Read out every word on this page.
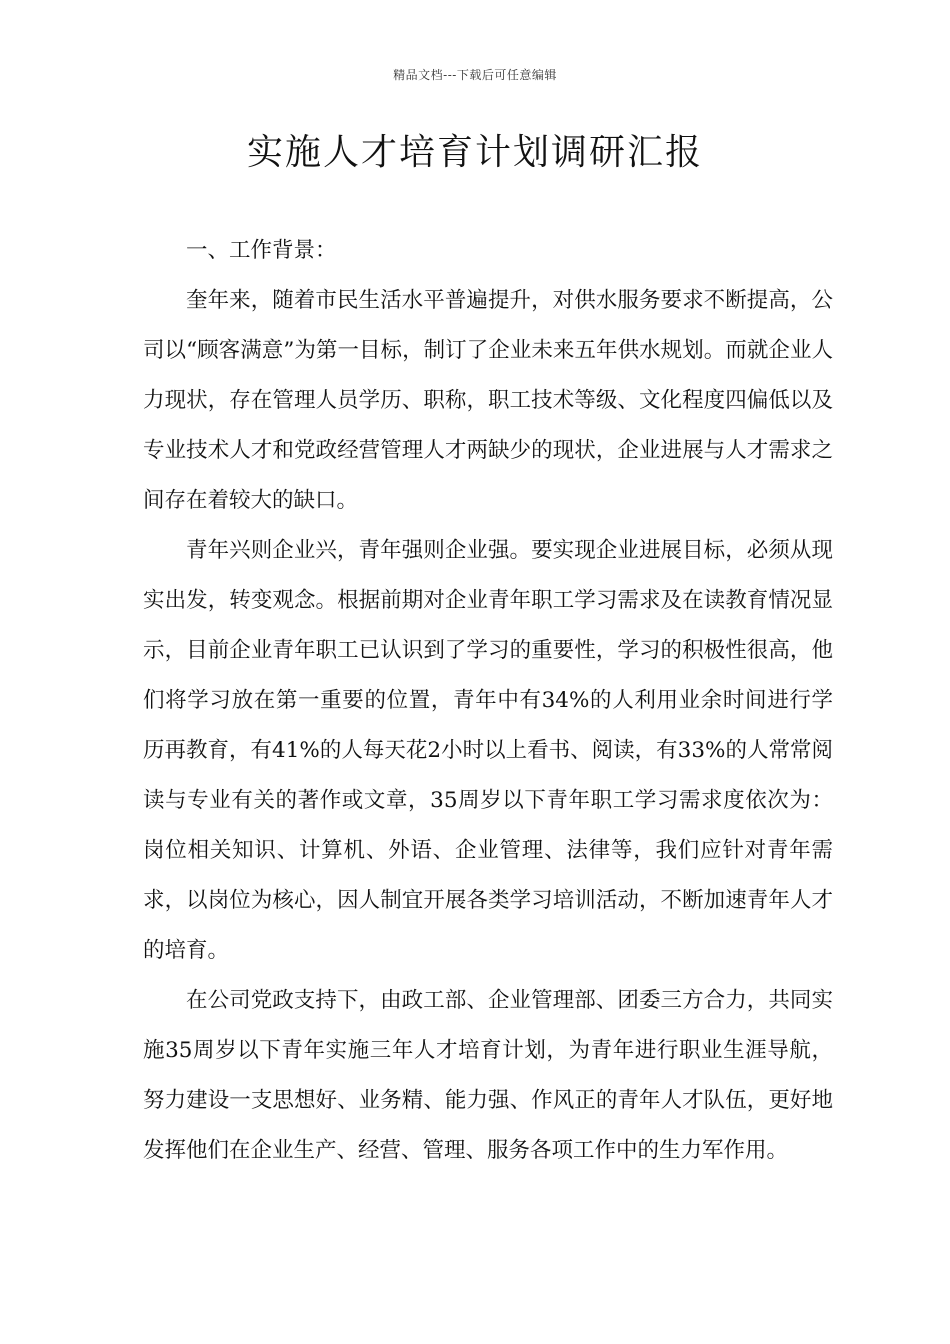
精品文档---下载后可任意编辑
实施人才培育计划调研汇报

一、工作背景：

奎年来，随着市民生活水平普遍提升，对供水服务要求不断提高，公司以“顾客满意”为第一目标，制订了企业未来五年供水规划。而就企业人力现状，存在管理人员学历、职称，职工技术等级、文化程度四偏低以及专业技术人才和党政经营管理人才两缺少的现状，企业进展与人才需求之间存在着较大的缺口。

青年兴则企业兴，青年强则企业强。要实现企业进展目标，必须从现实出发，转变观念。根据前期对企业青年职工学习需求及在读教育情况显示，目前企业青年职工已认识到了学习的重要性，学习的积极性很高，他们将学习放在第一重要的位置，青年中有34%的人利用业余时间进行学历再教育，有41%的人每天花2小时以上看书、阅读，有33%的人常常阅读与专业有关的著作或文章，35周岁以下青年职工学习需求度依次为：岗位相关知识、计算机、外语、企业管理、法律等，我们应针对青年需求，以岗位为核心，因人制宜开展各类学习培训活动，不断加速青年人才的培育。

在公司党政支持下，由政工部、企业管理部、团委三方合力，共同实施35周岁以下青年实施三年人才培育计划，为青年进行职业生涯导航，努力建设一支思想好、业务精、能力强、作风正的青年人才队伍，更好地发挥他们在企业生产、经营、管理、服务各项工作中的生力军作用。
